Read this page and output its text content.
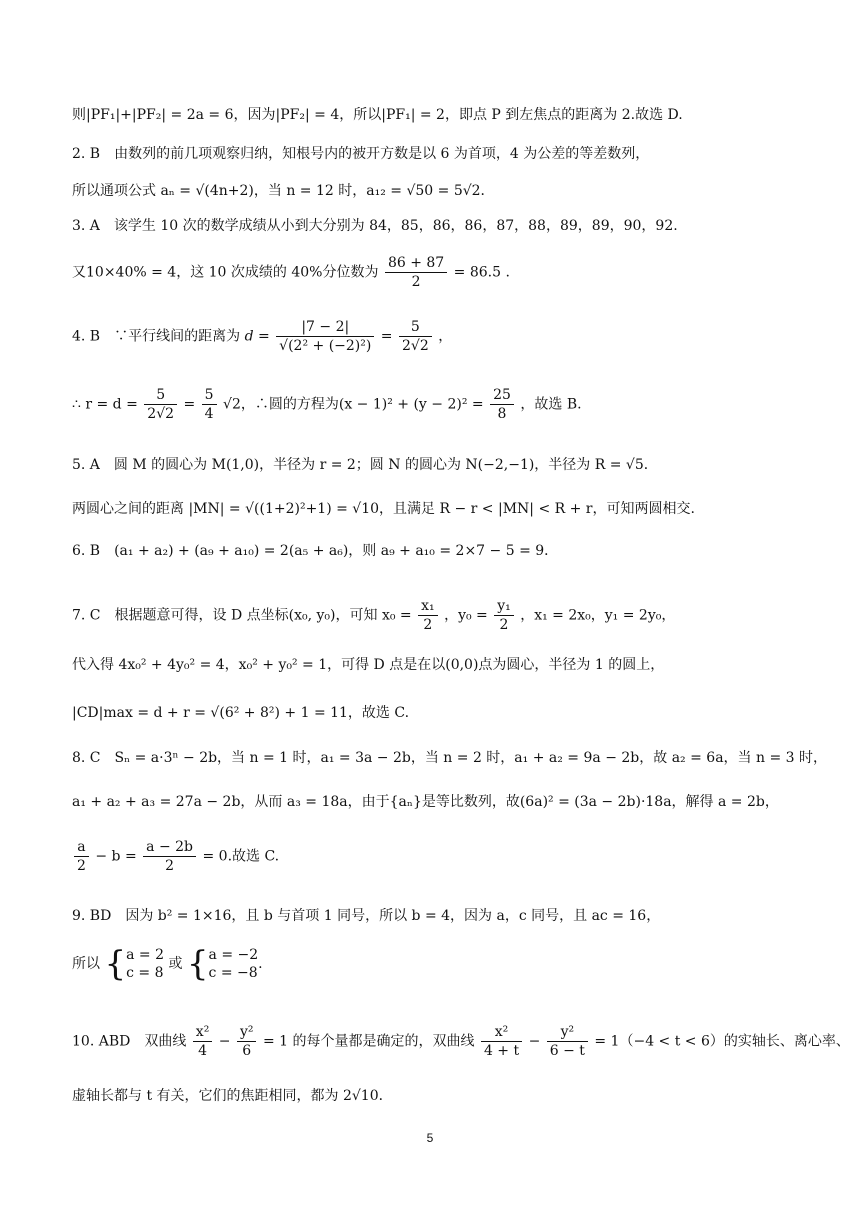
则|PF₁|+|PF₂| = 2a = 6，因为|PF₂| = 4，所以|PF₁| = 2，即点 P 到左焦点的距离为 2.故选 D.
2. B　由数列的前几项观察归纳，知根号内的被开方数是以 6 为首项，4 为公差的等差数列，
所以通项公式 aₙ = √(4n+2)，当 n = 12 时，a₁₂ = √50 = 5√2．
3. A　该学生 10 次的数学成绩从小到大分别为 84，85，86，86，87，88，89，89，90，92.
又10×40% = 4，这 10 次成绩的 40%分位数为 $\frac{86 + 87}{2} = 86.5$ .
4. B　∵平行线间的距离为 $d = \frac{|7 - 2|}{\text{√(2² + (−2)²)}} = \frac{5}{2√2}$ ，
∴ $r = d = \frac{5}{2√2} = \frac{5}{4} √2$，∴圆的方程为$(x - 1)^2 + (y - 2)^2 = \frac{25}{8}$ ，故选 B.
5. A　圆 M 的圆心为 M(1,0)，半径为 r = 2；圆 N 的圆心为 N(−2,−1)，半径为 R = √5．
两圆心之间的距离 |MN| = √((1+2)²+1) = √10，且满足 R − r < |MN| < R + r，可知两圆相交.
6. B　(a₁ + a₂) + (a₉ + a₁₀) = 2(a₅ + a₆)，则 a₉ + a₁₀ = 2×7 − 5 = 9．
7. C　根据题意可得，设 D 点坐标(x₀, y₀)，可知 $x_0 = \frac{\text{x₁}}{2}$ ，$y_0 = \frac{\text{y₁}}{2}$ ，x₁ = 2x₀，y₁ = 2y₀，
代入得 4x₀² + 4y₀² = 4，x₀² + y₀² = 1，可得 D 点是在以(0,0)点为圆心，半径为 1 的圆上，
|CD|max = d + r = √(6² + 8²) + 1 = 11，故选 C.
8. C　Sₙ = a·3ⁿ − 2b，当 n = 1 时，a₁ = 3a − 2b，当 n = 2 时，a₁ + a₂ = 9a − 2b，故 a₂ = 6a，当 n = 3 时，
a₁ + a₂ + a₃ = 27a − 2b，从而 a₃ = 18a，由于{aₙ}是等比数列，故(6a)² = (3a − 2b)·18a，解得 a = 2b，
$\frac{a}{2} - b = \frac{a - 2b}{2} = 0$.故选 C.
9. BD　因为 b² = 1×16，且 b 与首项 1 同号，所以 b = 4，因为 a，c 同号，且 ac = 16，
所以 { a = 2
c = 8
或 { a = −2
c = −8
.
10. ABD　双曲线 $\frac{\text{x²}}{4} - \frac{\text{y²}}{6} = 1$ 的每个量都是确定的，双曲线 $\frac{\text{x²}}{4 + t} - \frac{\text{y²}}{6 - t} = 1(-4 < t < 6)$的实轴长、离心率、
虚轴长都与 t 有关，它们的焦距相同，都为 2√10．
5
